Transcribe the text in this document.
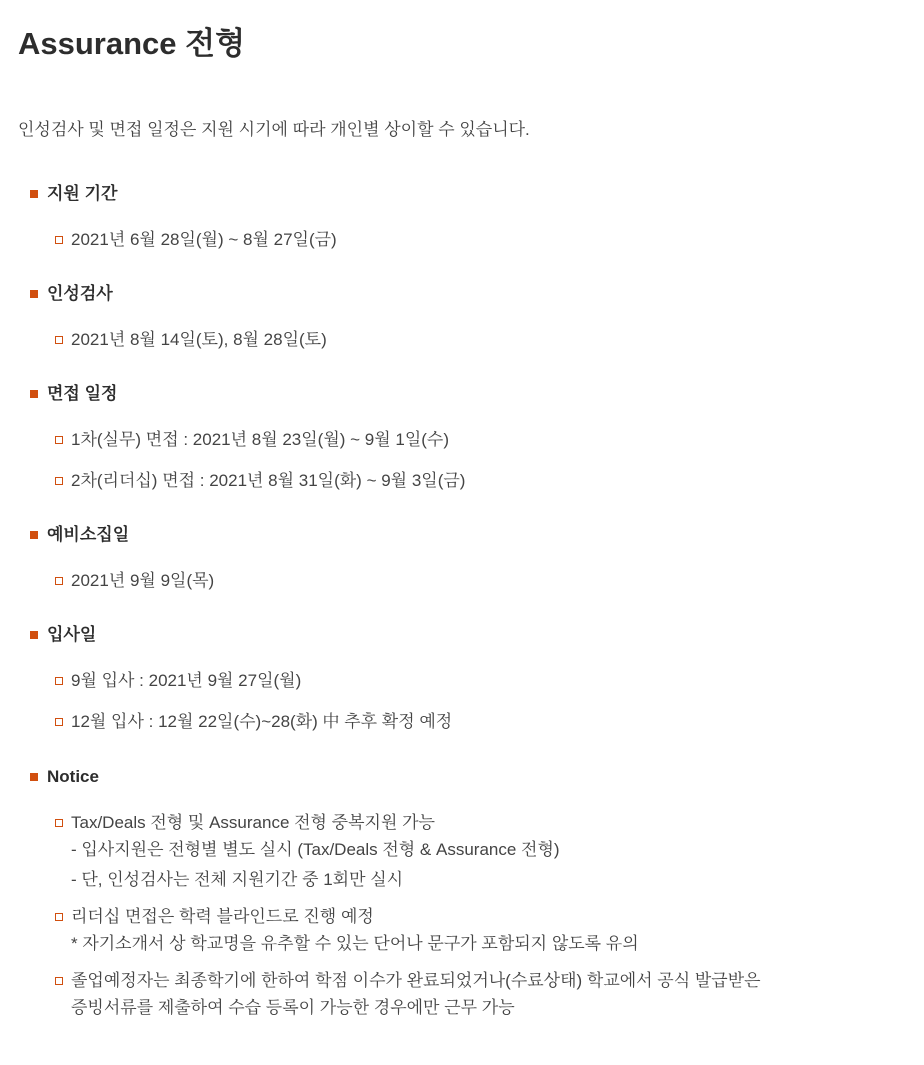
Assurance 전형

인성검사 및 면접 일정은 지원 시기에 따라 개인별 상이할 수 있습니다.

지원 기간
2021년 6월 28일(월) ~ 8월 27일(금)
인성검사
2021년 8월 14일(토), 8월 28일(토)
면접 일정
1차(실무) 면접 : 2021년 8월 23일(월) ~ 9월 1일(수)
2차(리더십) 면접 : 2021년 8월 31일(화) ~ 9월 3일(금)
예비소집일
2021년 9월 9일(목)
입사일
9월 입사 : 2021년 9월 27일(월)
12월 입사 : 12월 22일(수)~28(화) 中 추후 확정 예정
Notice
Tax/Deals 전형 및 Assurance 전형 중복지원 가능
- 입사지원은 전형별 별도 실시 (Tax/Deals 전형 & Assurance 전형)
- 단, 인성검사는 전체 지원기간 중 1회만 실시
리더십 면접은 학력 블라인드로 진행 예정
* 자기소개서 상 학교명을 유추할 수 있는 단어나 문구가 포함되지 않도록 유의
졸업예정자는 최종학기에 한하여 학점 이수가 완료되었거나(수료상태) 학교에서 공식 발급받은
증빙서류를 제출하여 수습 등록이 가능한 경우에만 근무 가능
